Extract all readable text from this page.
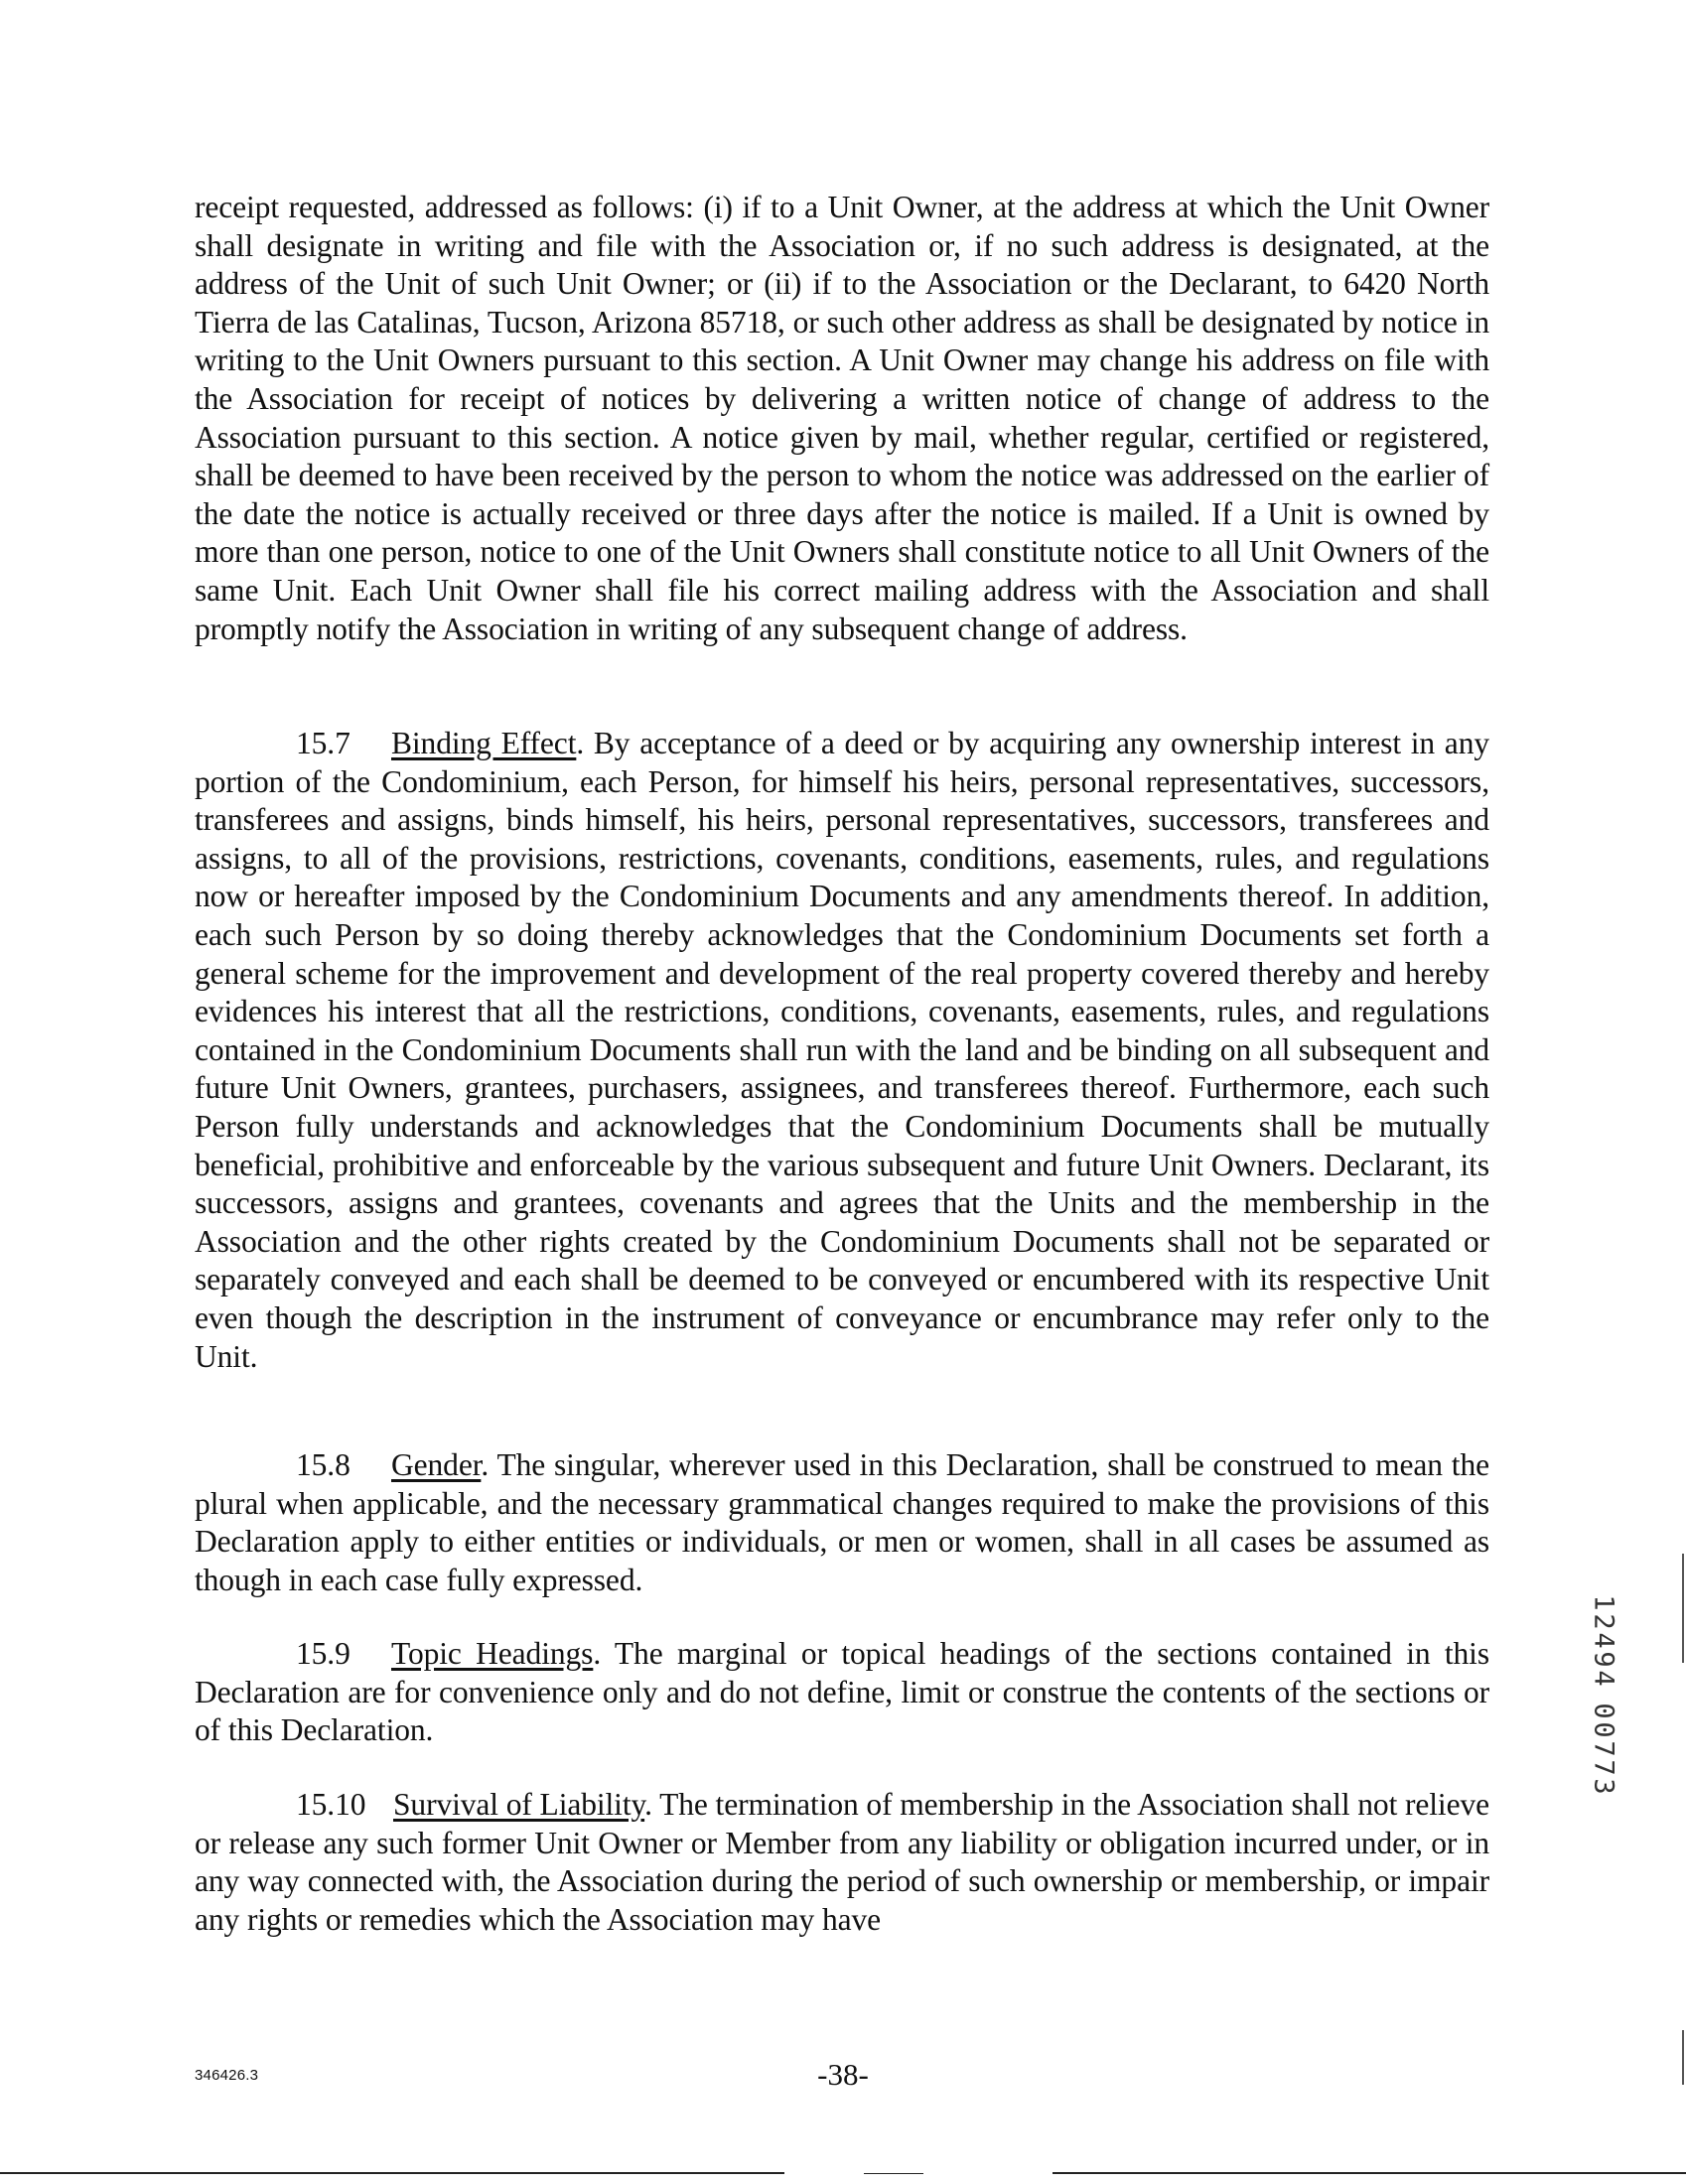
receipt requested, addressed as follows: (i) if to a Unit Owner, at the address at which the Unit Owner shall designate in writing and file with the Association or, if no such address is designated, at the address of the Unit of such Unit Owner; or (ii) if to the Association or the Declarant, to 6420 North Tierra de las Catalinas, Tucson, Arizona 85718, or such other address as shall be designated by notice in writing to the Unit Owners pursuant to this section. A Unit Owner may change his address on file with the Association for receipt of notices by delivering a written notice of change of address to the Association pursuant to this section. A notice given by mail, whether regular, certified or registered, shall be deemed to have been received by the person to whom the notice was addressed on the earlier of the date the notice is actually received or three days after the notice is mailed. If a Unit is owned by more than one person, notice to one of the Unit Owners shall constitute notice to all Unit Owners of the same Unit. Each Unit Owner shall file his correct mailing address with the Association and shall promptly notify the Association in writing of any subsequent change of address.

15.7 Binding Effect. By acceptance of a deed or by acquiring any ownership interest in any portion of the Condominium, each Person, for himself his heirs, personal representatives, successors, transferees and assigns, binds himself, his heirs, personal representatives, successors, transferees and assigns, to all of the provisions, restrictions, covenants, conditions, easements, rules, and regulations now or hereafter imposed by the Condominium Documents and any amendments thereof. In addition, each such Person by so doing thereby acknowledges that the Condominium Documents set forth a general scheme for the improvement and development of the real property covered thereby and hereby evidences his interest that all the restrictions, conditions, covenants, easements, rules, and regulations contained in the Condominium Documents shall run with the land and be binding on all subsequent and future Unit Owners, grantees, purchasers, assignees, and transferees thereof. Furthermore, each such Person fully understands and acknowledges that the Condominium Documents shall be mutually beneficial, prohibitive and enforceable by the various subsequent and future Unit Owners. Declarant, its successors, assigns and grantees, covenants and agrees that the Units and the membership in the Association and the other rights created by the Condominium Documents shall not be separated or separately conveyed and each shall be deemed to be conveyed or encumbered with its respective Unit even though the description in the instrument of conveyance or encumbrance may refer only to the Unit.

15.8 Gender. The singular, wherever used in this Declaration, shall be construed to mean the plural when applicable, and the necessary grammatical changes required to make the provisions of this Declaration apply to either entities or individuals, or men or women, shall in all cases be assumed as though in each case fully expressed.

15.9 Topic Headings. The marginal or topical headings of the sections contained in this Declaration are for convenience only and do not define, limit or construe the contents of the sections or of this Declaration.

15.10 Survival of Liability. The termination of membership in the Association shall not relieve or release any such former Unit Owner or Member from any liability or obligation incurred under, or in any way connected with, the Association during the period of such ownership or membership, or impair any rights or remedies which the Association may have

346426.3	-38-
1
2
4
9
4
0
0
7
7
3
